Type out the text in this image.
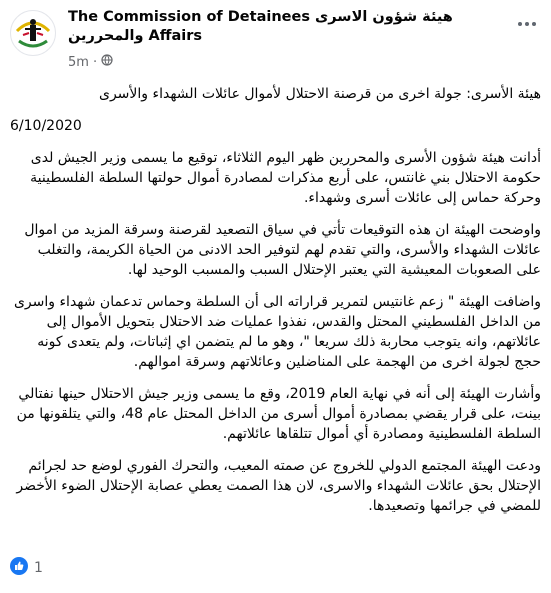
The Commission of Detainees هيئة شؤون الاسرى والمحررين Affairs
5m ·

هيئة الأسرى: جولة اخرى من قرصنة الاحتلال لأموال عائلات الشهداء والأسرى

6/10/2020

أدانت هيئة شؤون الأسرى والمحررين ظهر اليوم الثلاثاء، توقيع ما يسمى وزير الجيش لدى حكومة الاحتلال بني غانتس، على أربع مذكرات لمصادرة أموال حولتها السلطة الفلسطينية وحركة حماس إلى عائلات أسرى وشهداء.

واوضحت الهيئة ان هذه التوقيعات تأتي في سياق التصعيد لقرصنة وسرقة المزيد من اموال عائلات الشهداء والأسرى، والتي تقدم لهم لتوفير الحد الادنى من الحياة الكريمة، والتغلب على الصعوبات المعيشية التي يعتبر الإحتلال السبب والمسبب الوحيد لها.

واضافت الهيئة " زعم غانتيس لتمرير قراراته الى أن السلطة وحماس تدعمان شهداء واسرى من الداخل الفلسطيني المحتل والقدس، نفذوا عمليات ضد الاحتلال بتحويل الأموال إلى عائلاتهم، وانه يتوجب محاربة ذلك سريعا "، وهو ما لم يتضمن اي إثباتات، ولم يتعدى كونه حجج لجولة اخرى من الهجمة على المناضلين وعائلاتهم وسرقة اموالهم.

وأشارت الهيئة إلى أنه في نهاية العام 2019، وقع ما يسمى وزير جيش الاحتلال حينها نفتالي بينت، على قرار يقضي بمصادرة أموال أسرى من الداخل المحتل عام 48، والتي يتلقونها من السلطة الفلسطينية ومصادرة أي أموال تتلقاها عائلاتهم.

ودعت الهيئة المجتمع الدولي للخروج عن صمته المعيب، والتحرك الفوري لوضع حد لجرائم الإحتلال بحق عائلات الشهداء والاسرى، لان هذا الصمت يعطي عصابة الإحتلال الضوء الأخضر للمضي في جرائمها وتصعيدها.

1
